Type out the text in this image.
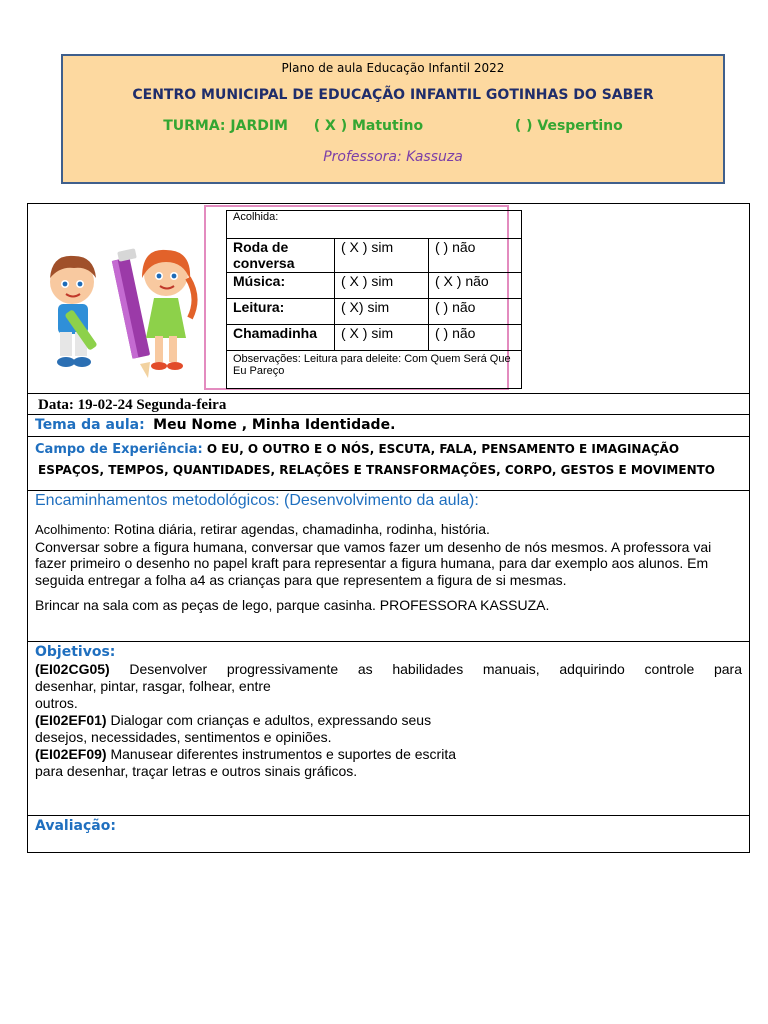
Plano de aula Educação Infantil 2022
CENTRO MUNICIPAL DE EDUCAÇÃO INFANTIL GOTINHAS DO SABER
TURMA: JARDIM ( X ) Matutino	( ) Vespertino
Professora: Kassuza
Acolhida:		
Roda de conversa	( X ) sim	( ) não
Música:	( X ) sim	( X ) não
Leitura:	( X) sim	( ) não
Chamadinha	( X ) sim	( ) não
Observações: Leitura para deleite: Com Quem Será Que Eu Pareço		
Data: 19-02-24 Segunda-feira
Tema da aula: Meu Nome , Minha Identidade.
Campo de Experiência: O EU, O OUTRO E O NÓS, ESCUTA, FALA, PENSAMENTO E IMAGINAÇÃO
ESPAÇOS, TEMPOS, QUANTIDADES, RELAÇÕES E TRANSFORMAÇÕES, CORPO, GESTOS E MOVIMENTO
Encaminhamentos metodológicos: (Desenvolvimento da aula):

Acolhimento: Rotina diária, retirar agendas, chamadinha, rodinha, história.

Conversar sobre a figura humana, conversar que vamos fazer um desenho de nós mesmos. A professora vai fazer primeiro o desenho no papel kraft para representar a figura humana, para dar exemplo aos alunos. Em seguida entregar a folha a4 as crianças para que representem a figura de si mesmas.

Brincar na sala com as peças de lego, parque casinha. PROFESSORA KASSUZA.

Objetivos:

(EI02CG05) Desenvolver progressivamente as habilidades manuais, adquirindo controle para

desenhar, pintar, rasgar, folhear, entre

outros.

(EI02EF01) Dialogar com crianças e adultos, expressando seus

desejos, necessidades, sentimentos e opiniões.

(EI02EF09) Manusear diferentes instrumentos e suportes de escrita

para desenhar, traçar letras e outros sinais gráficos.

Avaliação:
